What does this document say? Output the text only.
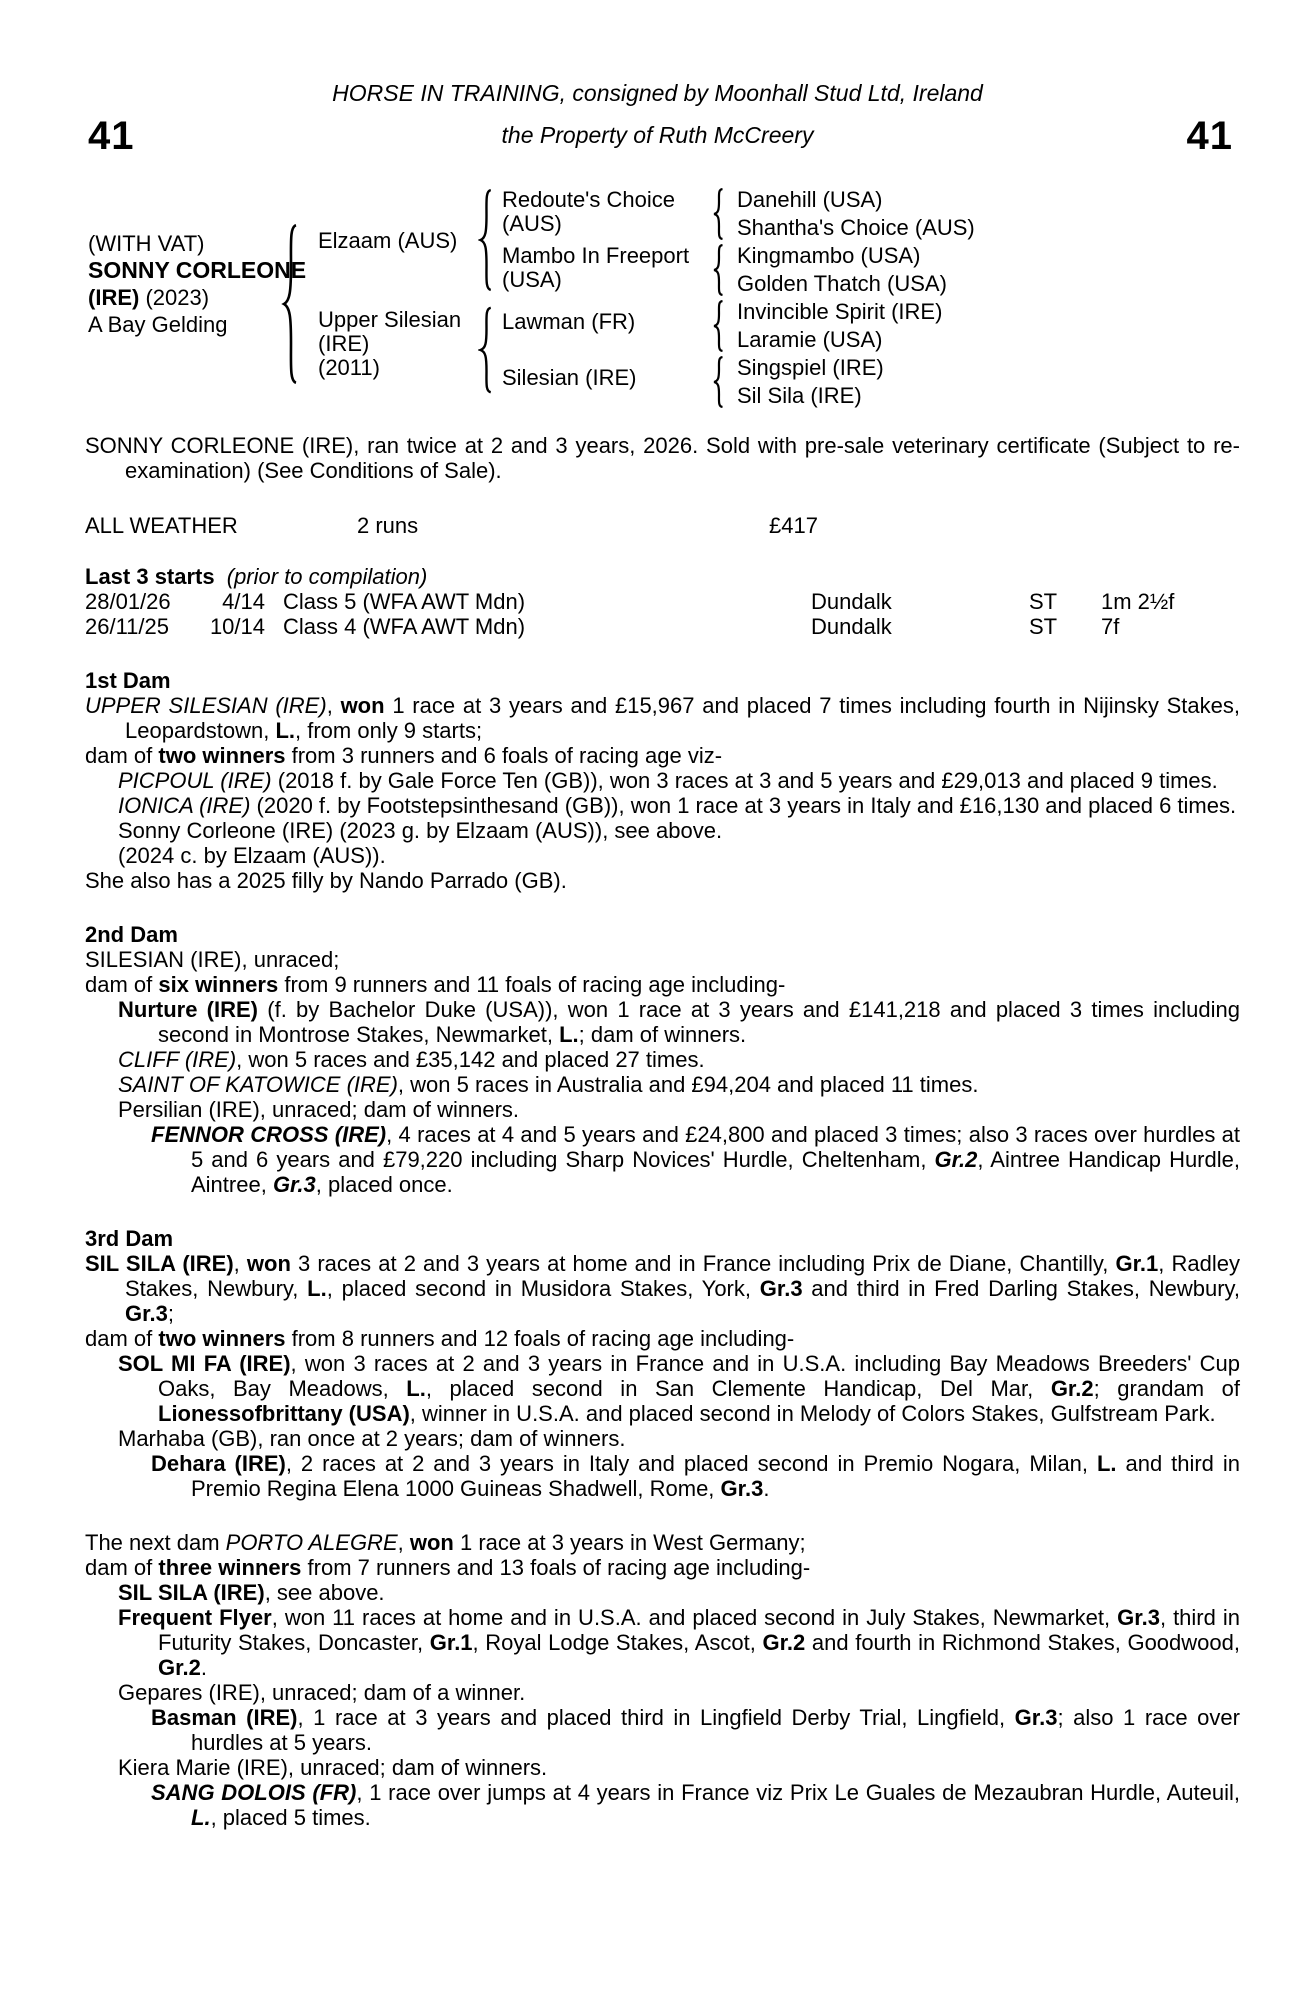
41	41
HORSE IN TRAINING, consigned by Moonhall Stud Ltd, Ireland
the Property of Ruth McCreery
(WITH VAT)
SONNY CORLEONE
(IRE) (2023)
A Bay Gelding
Elzaam (AUS)
Upper Silesian
(IRE)
(2011)
Redoute's Choice
(AUS)
Mambo In Freeport
(USA)
Lawman (FR)
Silesian (IRE)
Danehill (USA)
Shantha's Choice (AUS)
Kingmambo (USA)
Golden Thatch (USA)
Invincible Spirit (IRE)
Laramie (USA)
Singspiel (IRE)
Sil Sila (IRE)

SONNY CORLEONE (IRE), ran twice at 2 and 3 years, 2026. Sold with pre-sale veterinary certificate (Subject to re-examination) (See Conditions of Sale).

ALL WEATHER	2 runs	£417
Last 3 starts (prior to compilation)
28/01/26	4/14 Class 5 (WFA AWT Mdn)	Dundalk	ST 1m 2½f
26/11/25	10/14 Class 4 (WFA AWT Mdn)	Dundalk	ST 7f
1st Dam

UPPER SILESIAN (IRE), won 1 race at 3 years and £15,967 and placed 7 times including fourth in Nijinsky Stakes, Leopardstown, L., from only 9 starts;

dam of two winners from 3 runners and 6 foals of racing age viz-

PICPOUL (IRE) (2018 f. by Gale Force Ten (GB)), won 3 races at 3 and 5 years and £29,013 and placed 9 times.

IONICA (IRE) (2020 f. by Footstepsinthesand (GB)), won 1 race at 3 years in Italy and £16,130 and placed 6 times.

Sonny Corleone (IRE) (2023 g. by Elzaam (AUS)), see above.

(2024 c. by Elzaam (AUS)).

She also has a 2025 filly by Nando Parrado (GB).

2nd Dam

SILESIAN (IRE), unraced;

dam of six winners from 9 runners and 11 foals of racing age including-

Nurture (IRE) (f. by Bachelor Duke (USA)), won 1 race at 3 years and £141,218 and placed 3 times including second in Montrose Stakes, Newmarket, L.; dam of winners.

CLIFF (IRE), won 5 races and £35,142 and placed 27 times.

SAINT OF KATOWICE (IRE), won 5 races in Australia and £94,204 and placed 11 times.

Persilian (IRE), unraced; dam of winners.

FENNOR CROSS (IRE), 4 races at 4 and 5 years and £24,800 and placed 3 times; also 3 races over hurdles at 5 and 6 years and £79,220 including Sharp Novices' Hurdle, Cheltenham, Gr.2, Aintree Handicap Hurdle, Aintree, Gr.3, placed once.

3rd Dam

SIL SILA (IRE), won 3 races at 2 and 3 years at home and in France including Prix de Diane, Chantilly, Gr.1, Radley Stakes, Newbury, L., placed second in Musidora Stakes, York, Gr.3 and third in Fred Darling Stakes, Newbury, Gr.3;

dam of two winners from 8 runners and 12 foals of racing age including-

SOL MI FA (IRE), won 3 races at 2 and 3 years in France and in U.S.A. including Bay Meadows Breeders' Cup Oaks, Bay Meadows, L., placed second in San Clemente Handicap, Del Mar, Gr.2; grandam of Lionessofbrittany (USA), winner in U.S.A. and placed second in Melody of Colors Stakes, Gulfstream Park.

Marhaba (GB), ran once at 2 years; dam of winners.

Dehara (IRE), 2 races at 2 and 3 years in Italy and placed second in Premio Nogara, Milan, L. and third in Premio Regina Elena 1000 Guineas Shadwell, Rome, Gr.3.

The next dam PORTO ALEGRE, won 1 race at 3 years in West Germany;

dam of three winners from 7 runners and 13 foals of racing age including-

SIL SILA (IRE), see above.

Frequent Flyer, won 11 races at home and in U.S.A. and placed second in July Stakes, Newmarket, Gr.3, third in Futurity Stakes, Doncaster, Gr.1, Royal Lodge Stakes, Ascot, Gr.2 and fourth in Richmond Stakes, Goodwood, Gr.2.

Gepares (IRE), unraced; dam of a winner.

Basman (IRE), 1 race at 3 years and placed third in Lingfield Derby Trial, Lingfield, Gr.3; also 1 race over hurdles at 5 years.

Kiera Marie (IRE), unraced; dam of winners.

SANG DOLOIS (FR), 1 race over jumps at 4 years in France viz Prix Le Guales de Mezaubran Hurdle, Auteuil, L., placed 5 times.
